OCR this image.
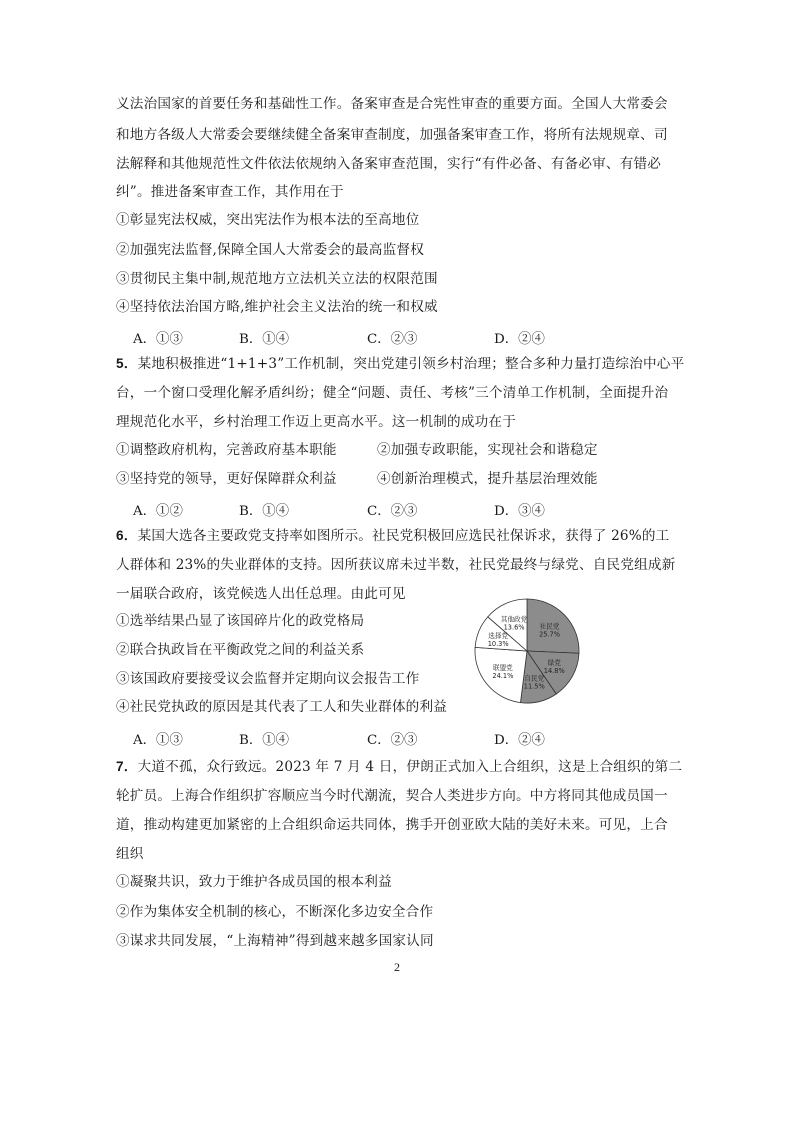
义法治国家的首要任务和基础性工作。备案审查是合宪性审查的重要方面。全国人大常委会
和地方各级人大常委会要继续健全备案审查制度，加强备案审查工作，将所有法规规章、司
法解释和其他规范性文件依法依规纳入备案审查范围，实行“有件必备、有备必审、有错必
纠”。推进备案审查工作，其作用在于
①彰显宪法权威，突出宪法作为根本法的至高地位
②加强宪法监督,保障全国人大常委会的最高监督权
③贯彻民主集中制,规范地方立法机关立法的权限范围
④坚持依法治国方略,维护社会主义法治的统一和权威
A．①③	B．①④	C．②③	D．②④
5．某地积极推进“1+1+3”工作机制，突出党建引领乡村治理；整合多种力量打造综治中心平
台，一个窗口受理化解矛盾纠纷；健全“问题、责任、考核”三个清单工作机制，全面提升治
理规范化水平，乡村治理工作迈上更高水平。这一机制的成功在于
①调整政府机构，完善政府基本职能	②加强专政职能，实现社会和谐稳定
③坚持党的领导，更好保障群众利益	④创新治理模式，提升基层治理效能
A．①②	B．①④	C．②③	D．③④
6．某国大选各主要政党支持率如图所示。社民党积极回应选民社保诉求，获得了 26%的工
人群体和 23%的失业群体的支持。因所获议席未过半数，社民党最终与绿党、自民党组成新
一届联合政府，该党候选人出任总理。由此可见
①选举结果凸显了该国碎片化的政党格局
②联合执政旨在平衡政党之间的利益关系
③该国政府要接受议会监督并定期向议会报告工作
④社民党执政的原因是其代表了工人和失业群体的利益
社民党
25.7%
绿党
14.8%
自民党
11.5%
联盟党
24.1%
选择党
10.3%
其他政党
13.6%
A．①③	B．①④	C．②③	D．②④
7．大道不孤，众行致远。2023 年 7 月 4 日，伊朗正式加入上合组织，这是上合组织的第二
轮扩员。上海合作组织扩容顺应当今时代潮流，契合人类进步方向。中方将同其他成员国一
道，推动构建更加紧密的上合组织命运共同体，携手开创亚欧大陆的美好未来。可见，上合
组织
①凝聚共识，致力于维护各成员国的根本利益
②作为集体安全机制的核心，不断深化多边安全合作
③谋求共同发展，“上海精神”得到越来越多国家认同
2
